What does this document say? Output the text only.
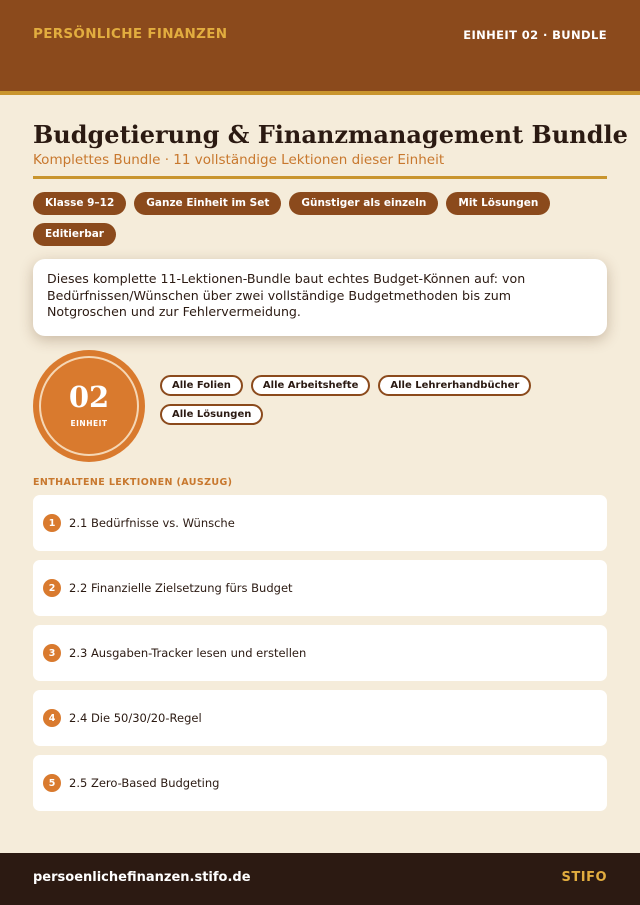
PERSÖNLICHE FINANZEN	EINHEIT 02 · BUNDLE
Budgetierung & Finanzmanagement Bundle
Komplettes Bundle · 11 vollständige Lektionen dieser Einheit
Klasse 9–12	Ganze Einheit im Set	Günstiger als einzeln	Mit Lösungen
Editierbar

Dieses komplette 11-Lektionen-Bundle baut echtes Budget-Können auf: von Bedürfnissen/Wünschen über zwei vollständige Budgetmethoden bis zum Notgroschen und zur Fehlervermeidung.

02
EINHEIT
Alle Folien	Alle Arbeitshefte	Alle Lehrerhandbücher
Alle Lösungen
ENTHALTENE LEKTIONEN (AUSZUG)
1	2.1 Bedürfnisse vs. Wünsche
2	2.2 Finanzielle Zielsetzung fürs Budget
3	2.3 Ausgaben-Tracker lesen und erstellen
4	2.4 Die 50/30/20-Regel
5	2.5 Zero-Based Budgeting
persoenlichefinanzen.stifo.de	STIFO
